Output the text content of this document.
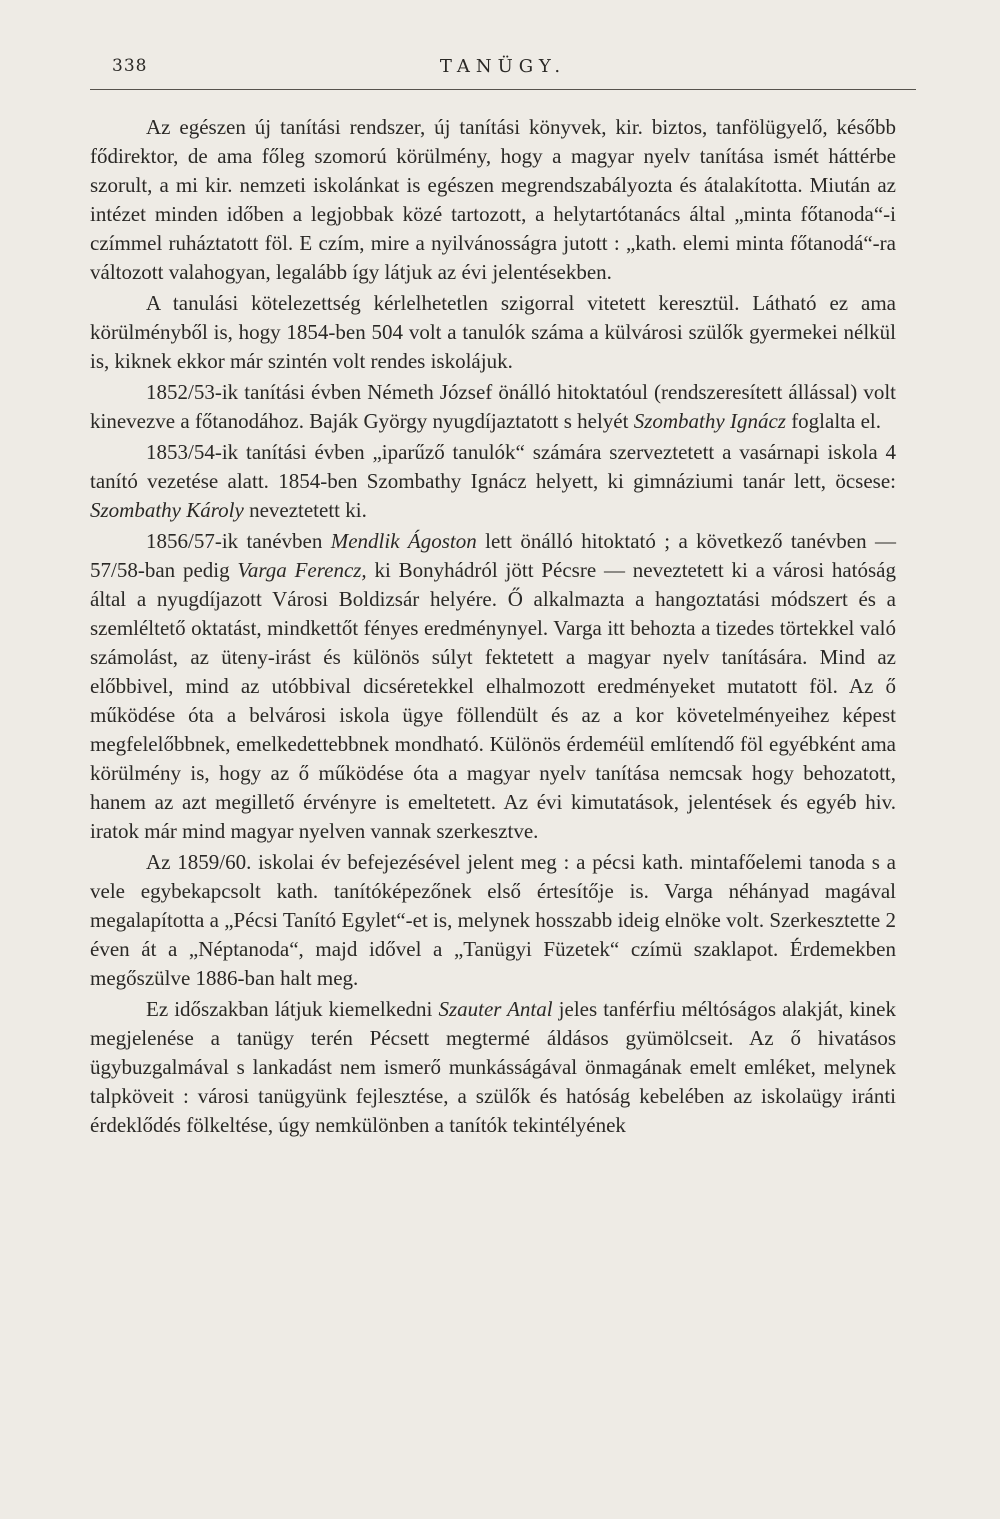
338	TANÜGY.

Az egészen új tanítási rendszer, új tanítási könyvek, kir. biztos, tanfölügyelő, később fődirektor, de ama főleg szomorú körülmény, hogy a magyar nyelv tanítása ismét háttérbe szorult, a mi kir. nemzeti iskolánkat is egészen megrendszabályozta és átalakította. Miután az intézet minden időben a legjobbak közé tartozott, a helytartótanács által „minta főtanoda“-i czímmel ruháztatott föl. E czím, mire a nyilvánosságra jutott : „kath. elemi minta főtanodá“-ra változott valahogyan, legalább így látjuk az évi jelentésekben.

A tanulási kötelezettség kérlelhetetlen szigorral vitetett keresztül. Látható ez ama körülményből is, hogy 1854-ben 504 volt a tanulók száma a külvárosi szülők gyermekei nélkül is, kiknek ekkor már szintén volt rendes iskolájuk.

1852/53-ik tanítási évben Németh József önálló hitoktatóul (rendszeresített állással) volt kinevezve a főtanodához. Baják György nyugdíjaztatott s helyét Szombathy Ignácz foglalta el.

1853/54-ik tanítási évben „iparűző tanulók“ számára szerveztetett a vasárnapi iskola 4 tanító vezetése alatt. 1854-ben Szombathy Ignácz helyett, ki gimnáziumi tanár lett, öcsese: Szombathy Károly neveztetett ki.

1856/57-ik tanévben Mendlik Ágoston lett önálló hitoktató ; a következő tanévben — 57/58-ban pedig Varga Ferencz, ki Bonyhádról jött Pécsre — neveztetett ki a városi hatóság által a nyugdíjazott Városi Boldizsár helyére. Ő alkalmazta a hangoztatási módszert és a szemléltető oktatást, mindkettőt fényes eredménynyel. Varga itt behozta a tizedes törtekkel való számolást, az üteny-irást és különös súlyt fektetett a magyar nyelv tanítására. Mind az előbbivel, mind az utóbbival dicséretekkel elhalmozott eredményeket mutatott föl. Az ő működése óta a belvárosi iskola ügye föllendült és az a kor követelményeihez képest megfelelőbbnek, emelkedettebbnek mondható. Különös érdeméül említendő föl egyébként ama körülmény is, hogy az ő működése óta a magyar nyelv tanítása nemcsak hogy behozatott, hanem az azt megillető érvényre is emeltetett. Az évi kimutatások, jelentések és egyéb hiv. iratok már mind magyar nyelven vannak szerkesztve.

Az 1859/60. iskolai év befejezésével jelent meg : a pécsi kath. mintafőelemi tanoda s a vele egybekapcsolt kath. tanítóképezőnek első értesítője is. Varga néhányad magával megalapította a „Pécsi Tanító Egylet“-et is, melynek hosszabb ideig elnöke volt. Szerkesztette 2 éven át a „Néptanoda“, majd idővel a „Tanügyi Füzetek“ czímü szaklapot. Érdemekben megőszülve 1886-ban halt meg.

Ez időszakban látjuk kiemelkedni Szauter Antal jeles tanférfiu méltóságos alakját, kinek megjelenése a tanügy terén Pécsett megtermé áldásos gyümölcseit. Az ő hivatásos ügybuzgalmával s lankadást nem ismerő munkásságával önmagának emelt emléket, melynek talpköveit : városi tanügyünk fejlesztése, a szülők és hatóság kebelében az iskolaügy iránti érdeklődés fölkeltése, úgy nemkülönben a tanítók tekintélyének
